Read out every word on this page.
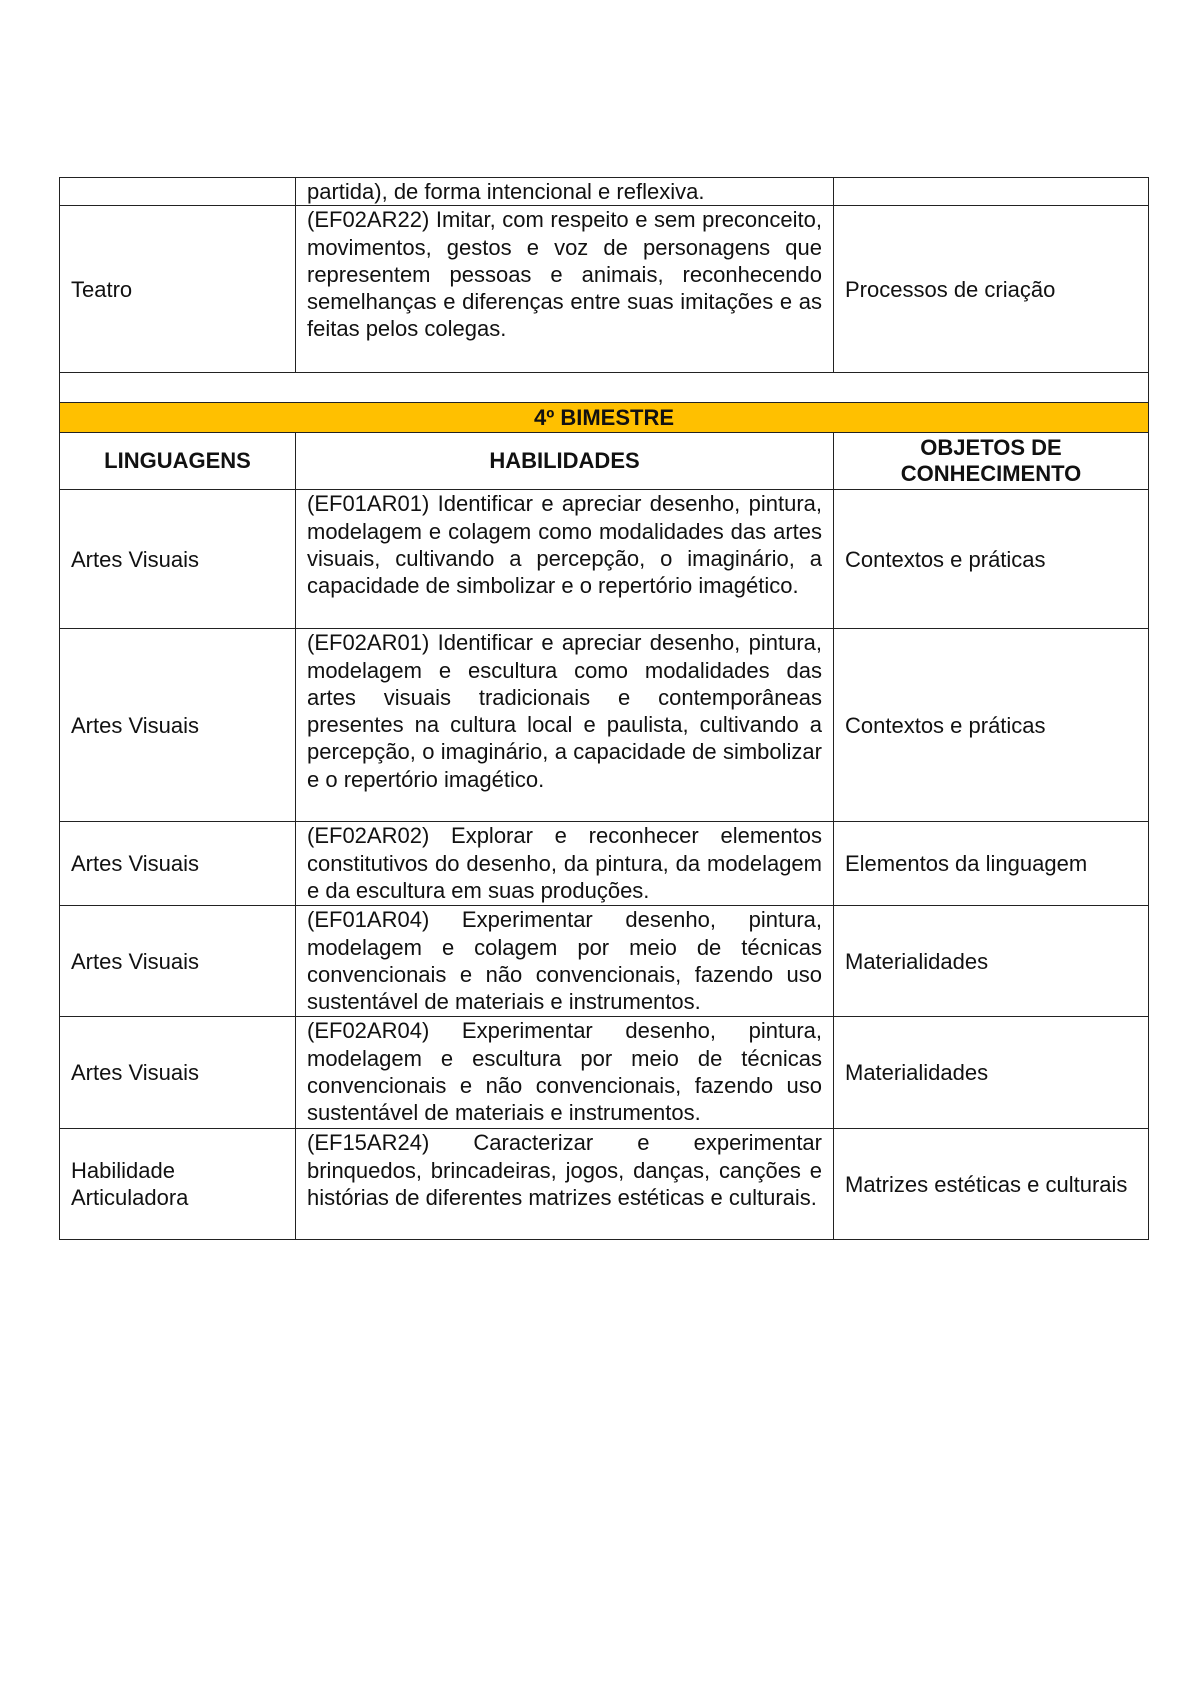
	partida), de forma intencional e reflexiva.	
Teatro	(EF02AR22) Imitar, com respeito e sem preconceito, movimentos, gestos e voz de personagens que representem pessoas e animais, reconhecendo semelhanças e diferenças entre suas imitações e as feitas pelos colegas.	Processos de criação

4º BIMESTRE		
LINGUAGENS	HABILIDADES	OBJETOS DE CONHECIMENTO
Artes Visuais	(EF01AR01) Identificar e apreciar desenho, pintura, modelagem e colagem como modalidades das artes visuais, cultivando a percepção, o imaginário, a capacidade de simbolizar e o repertório imagético.	Contextos e práticas
Artes Visuais	(EF02AR01) Identificar e apreciar desenho, pintura, modelagem e escultura como modalidades das artes visuais tradicionais e contemporâneas presentes na cultura local e paulista, cultivando a percepção, o imaginário, a capacidade de simbolizar e o repertório imagético.	Contextos e práticas
Artes Visuais	(EF02AR02) Explorar e reconhecer elementos constitutivos do desenho, da pintura, da modelagem e da escultura em suas produções.	Elementos da linguagem
Artes Visuais	(EF01AR04) Experimentar desenho, pintura, modelagem e colagem por meio de técnicas convencionais e não convencionais, fazendo uso sustentável de materiais e instrumentos.	Materialidades
Artes Visuais	(EF02AR04) Experimentar desenho, pintura, modelagem e escultura por meio de técnicas convencionais e não convencionais, fazendo uso sustentável de materiais e instrumentos.	Materialidades
Habilidade Articuladora	(EF15AR24) Caracterizar e experimentar brinquedos, brincadeiras, jogos, danças, canções e histórias de diferentes matrizes estéticas e culturais.	Matrizes estéticas e culturais
